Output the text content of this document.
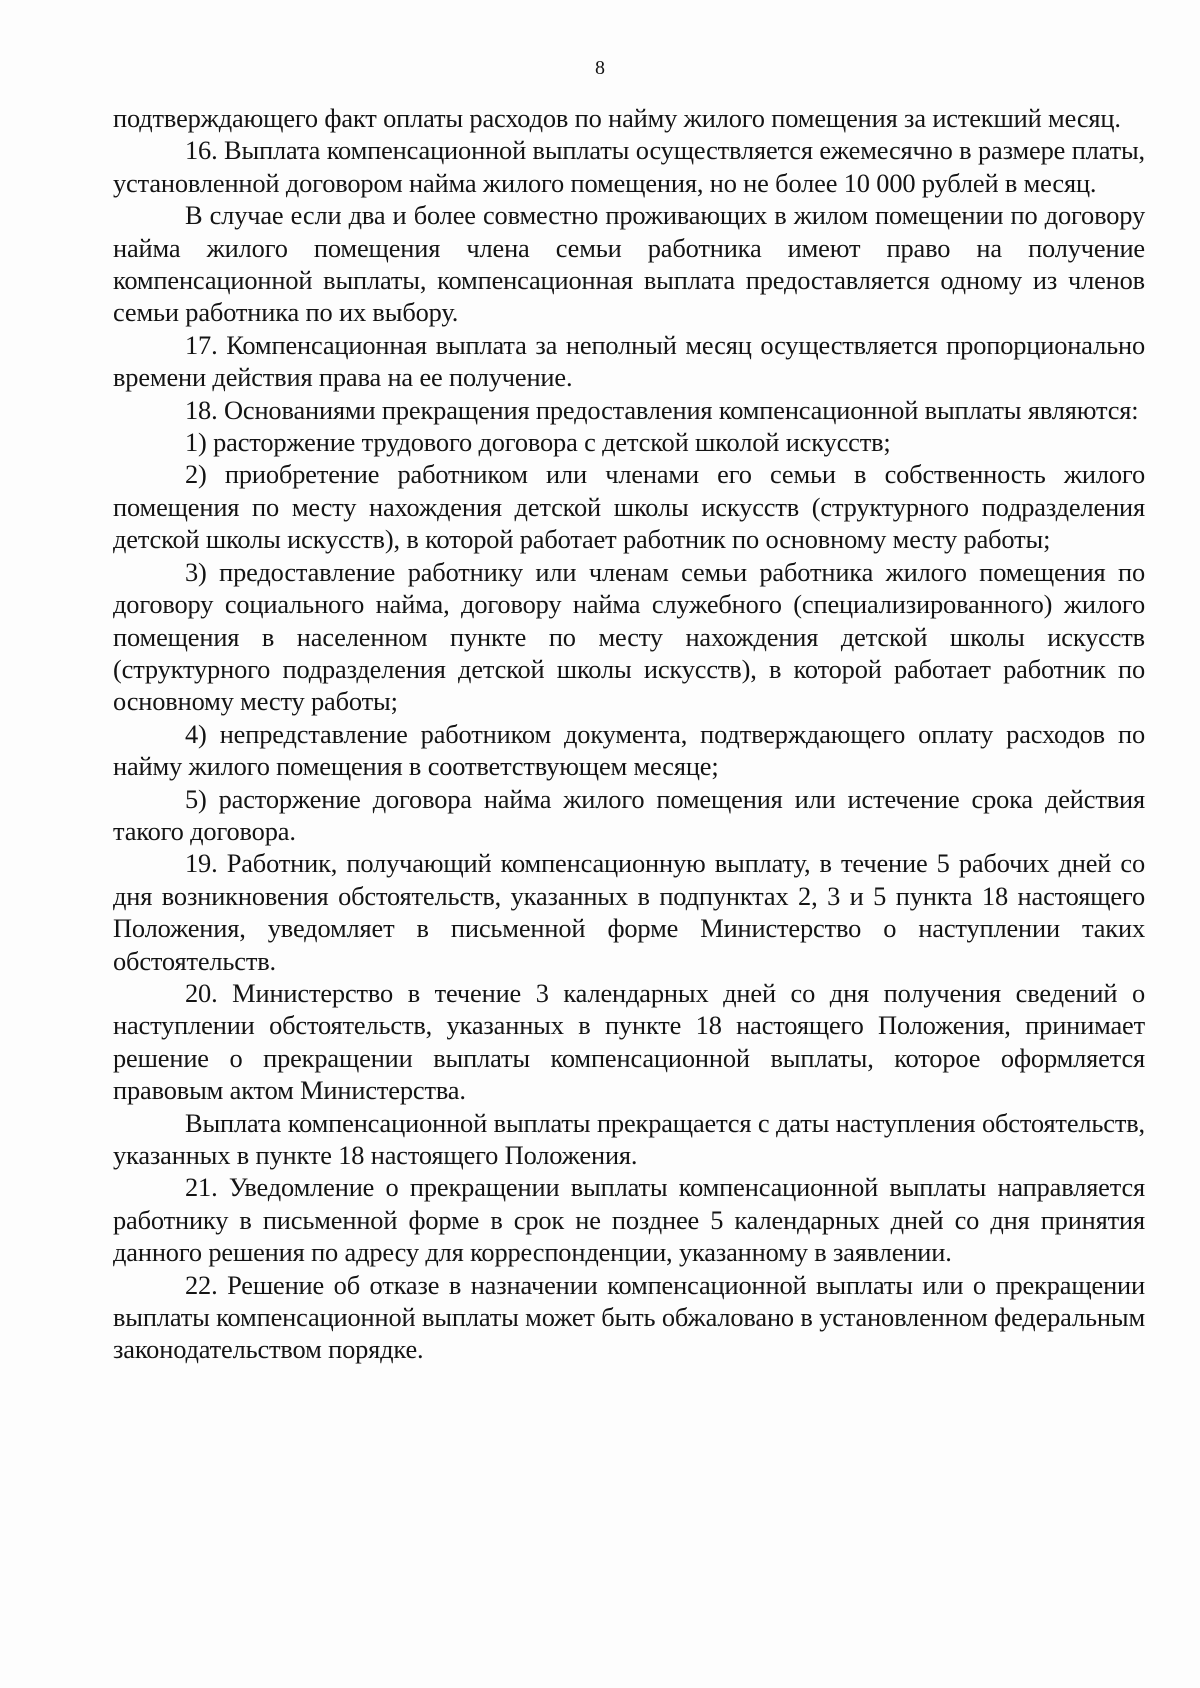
8

подтверждающего факт оплаты расходов по найму жилого помещения за истекший месяц.

16. Выплата компенсационной выплаты осуществляется ежемесячно в размере платы, установленной договором найма жилого помещения, но не более 10 000 рублей в месяц.

В случае если два и более совместно проживающих в жилом помещении по договору найма жилого помещения члена семьи работника имеют право на получение компенсационной выплаты, компенсационная выплата предоставляется одному из членов семьи работника по их выбору.

17. Компенсационная выплата за неполный месяц осуществляется пропорционально времени действия права на ее получение.

18. Основаниями прекращения предоставления компенсационной выплаты являются:

1) расторжение трудового договора с детской школой искусств;

2) приобретение работником или членами его семьи в собственность жилого помещения по месту нахождения детской школы искусств (структурного подразделения детской школы искусств), в которой работает работник по основному месту работы;

3) предоставление работнику или членам семьи работника жилого помещения по договору социального найма, договору найма служебного (специализированного) жилого помещения в населенном пункте по месту нахождения детской школы искусств (структурного подразделения детской школы искусств), в которой работает работник по основному месту работы;

4) непредставление работником документа, подтверждающего оплату расходов по найму жилого помещения в соответствующем месяце;

5) расторжение договора найма жилого помещения или истечение срока действия такого договора.

19. Работник, получающий компенсационную выплату, в течение 5 рабочих дней со дня возникновения обстоятельств, указанных в подпунктах 2, 3 и 5 пункта 18 настоящего Положения, уведомляет в письменной форме Министерство о наступлении таких обстоятельств.

20. Министерство в течение 3 календарных дней со дня получения сведений о наступлении обстоятельств, указанных в пункте 18 настоящего Положения, принимает решение о прекращении выплаты компенсационной выплаты, которое оформляется правовым актом Министерства.

Выплата компенсационной выплаты прекращается с даты наступления обстоятельств, указанных в пункте 18 настоящего Положения.

21. Уведомление о прекращении выплаты компенсационной выплаты направляется работнику в письменной форме в срок не позднее 5 календарных дней со дня принятия данного решения по адресу для корреспонденции, указанному в заявлении.

22. Решение об отказе в назначении компенсационной выплаты или о прекращении выплаты компенсационной выплаты может быть обжаловано в установленном федеральным законодательством порядке.
